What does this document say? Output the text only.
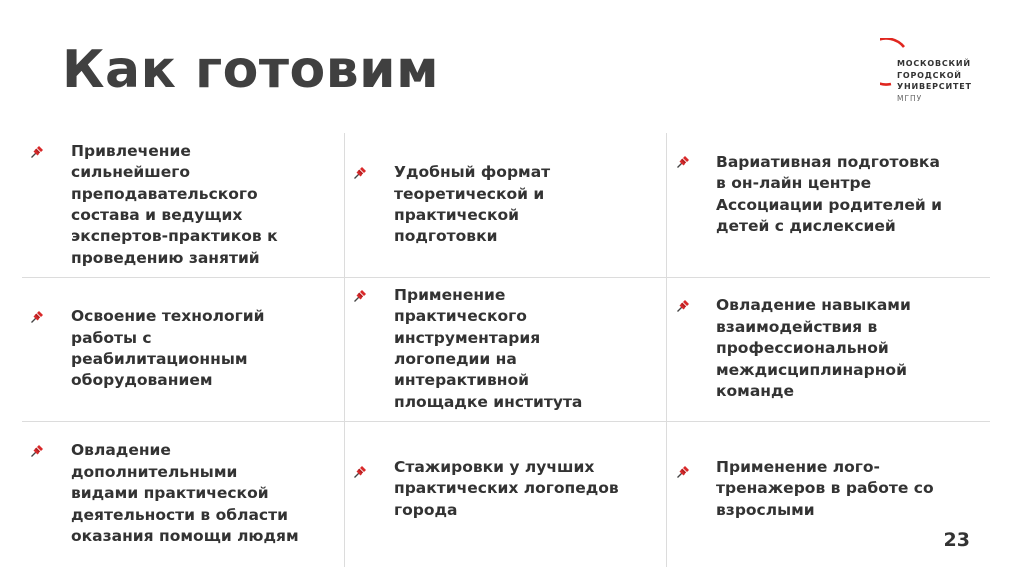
Как готовим	МОСКОВСКИЙ
ГОРОДСКОЙ
УНИВЕРСИТЕТ
МГПУ
Привлечение
сильнейшего
преподавательского
состава и ведущих
экспертов-практиков к
проведению занятий
Удобный формат
теоретической и
практической
подготовки
Вариативная подготовка
в он-лайн центре
Ассоциации родителей и
детей с дислексией
Освоение технологий
работы с
реабилитационным
оборудованием
Применение
практического
инструментария
логопедии на
интерактивной
площадке института
Овладение навыками
взаимодействия в
профессиональной
междисциплинарной
команде
Овладение
дополнительными
видами практической
деятельности в области
оказания помощи людям
Стажировки у лучших
практических логопедов
города
Применение лого-
тренажеров в работе со
взрослыми
23
